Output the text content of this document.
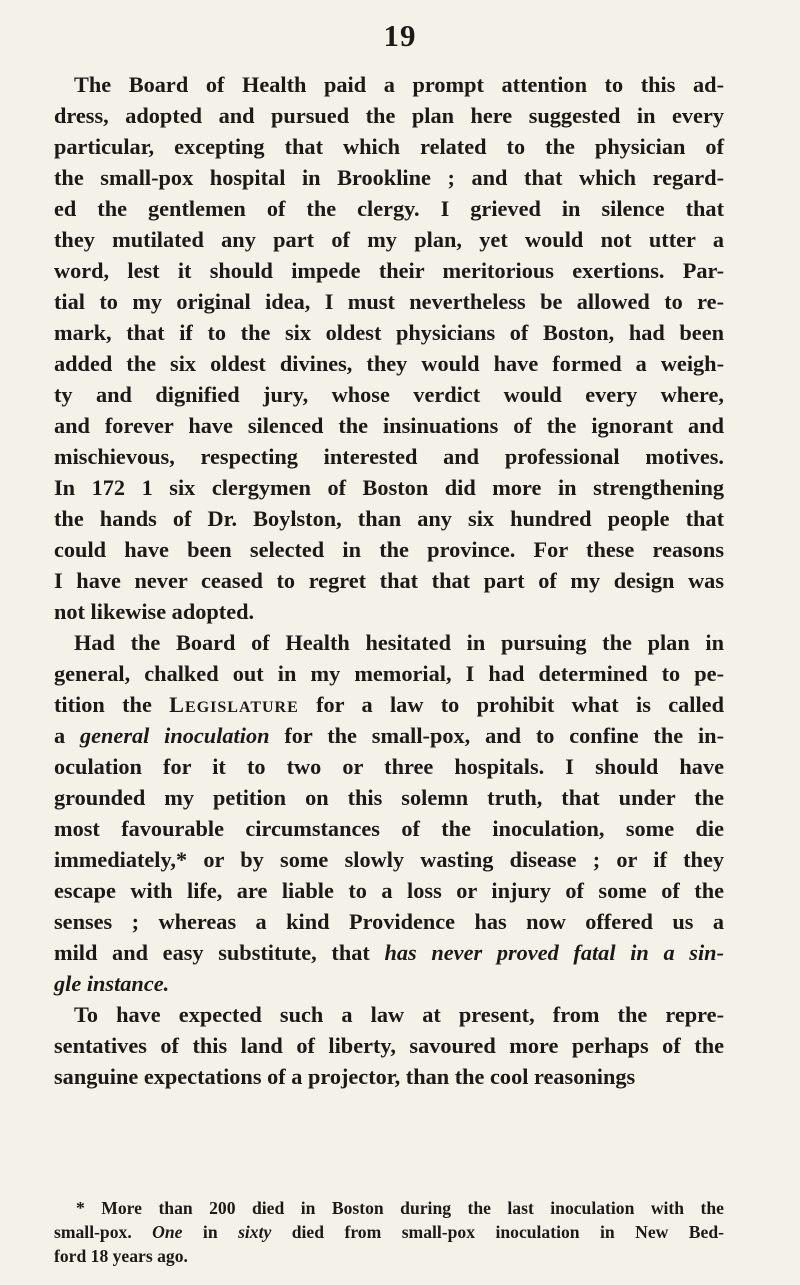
19
The Board of Health paid a prompt attention to this ad-
dress, adopted and pursued the plan here suggested in every
particular, excepting that which related to the physician of
the small-pox hospital in Brookline ; and that which regard-
ed the gentlemen of the clergy. I grieved in silence that
they mutilated any part of my plan, yet would not utter a
word, lest it should impede their meritorious exertions. Par-
tial to my original idea, I must nevertheless be allowed to re-
mark, that if to the six oldest physicians of Boston, had been
added the six oldest divines, they would have formed a weigh-
ty and dignified jury, whose verdict would every where,
and forever have silenced the insinuations of the ignorant and
mischievous, respecting interested and professional motives.
In 172 1 six clergymen of Boston did more in strengthening
the hands of Dr. Boylston, than any six hundred people that
could have been selected in the province. For these reasons
I have never ceased to regret that that part of my design was
not likewise adopted.
Had the Board of Health hesitated in pursuing the plan in
general, chalked out in my memorial, I had determined to pe-
tition the Legislature for a law to prohibit what is called
a general inoculation for the small-pox, and to confine the in-
oculation for it to two or three hospitals. I should have
grounded my petition on this solemn truth, that under the
most favourable circumstances of the inoculation, some die
immediately,* or by some slowly wasting disease ; or if they
escape with life, are liable to a loss or injury of some of the
senses ; whereas a kind Providence has now offered us a
mild and easy substitute, that has never proved fatal in a sin-
gle instance.
To have expected such a law at present, from the repre-
sentatives of this land of liberty, savoured more perhaps of the
sanguine expectations of a projector, than the cool reasonings
* More than 200 died in Boston during the last inoculation with the
small-pox. One in sixty died from small-pox inoculation in New Bed-
ford 18 years ago.
